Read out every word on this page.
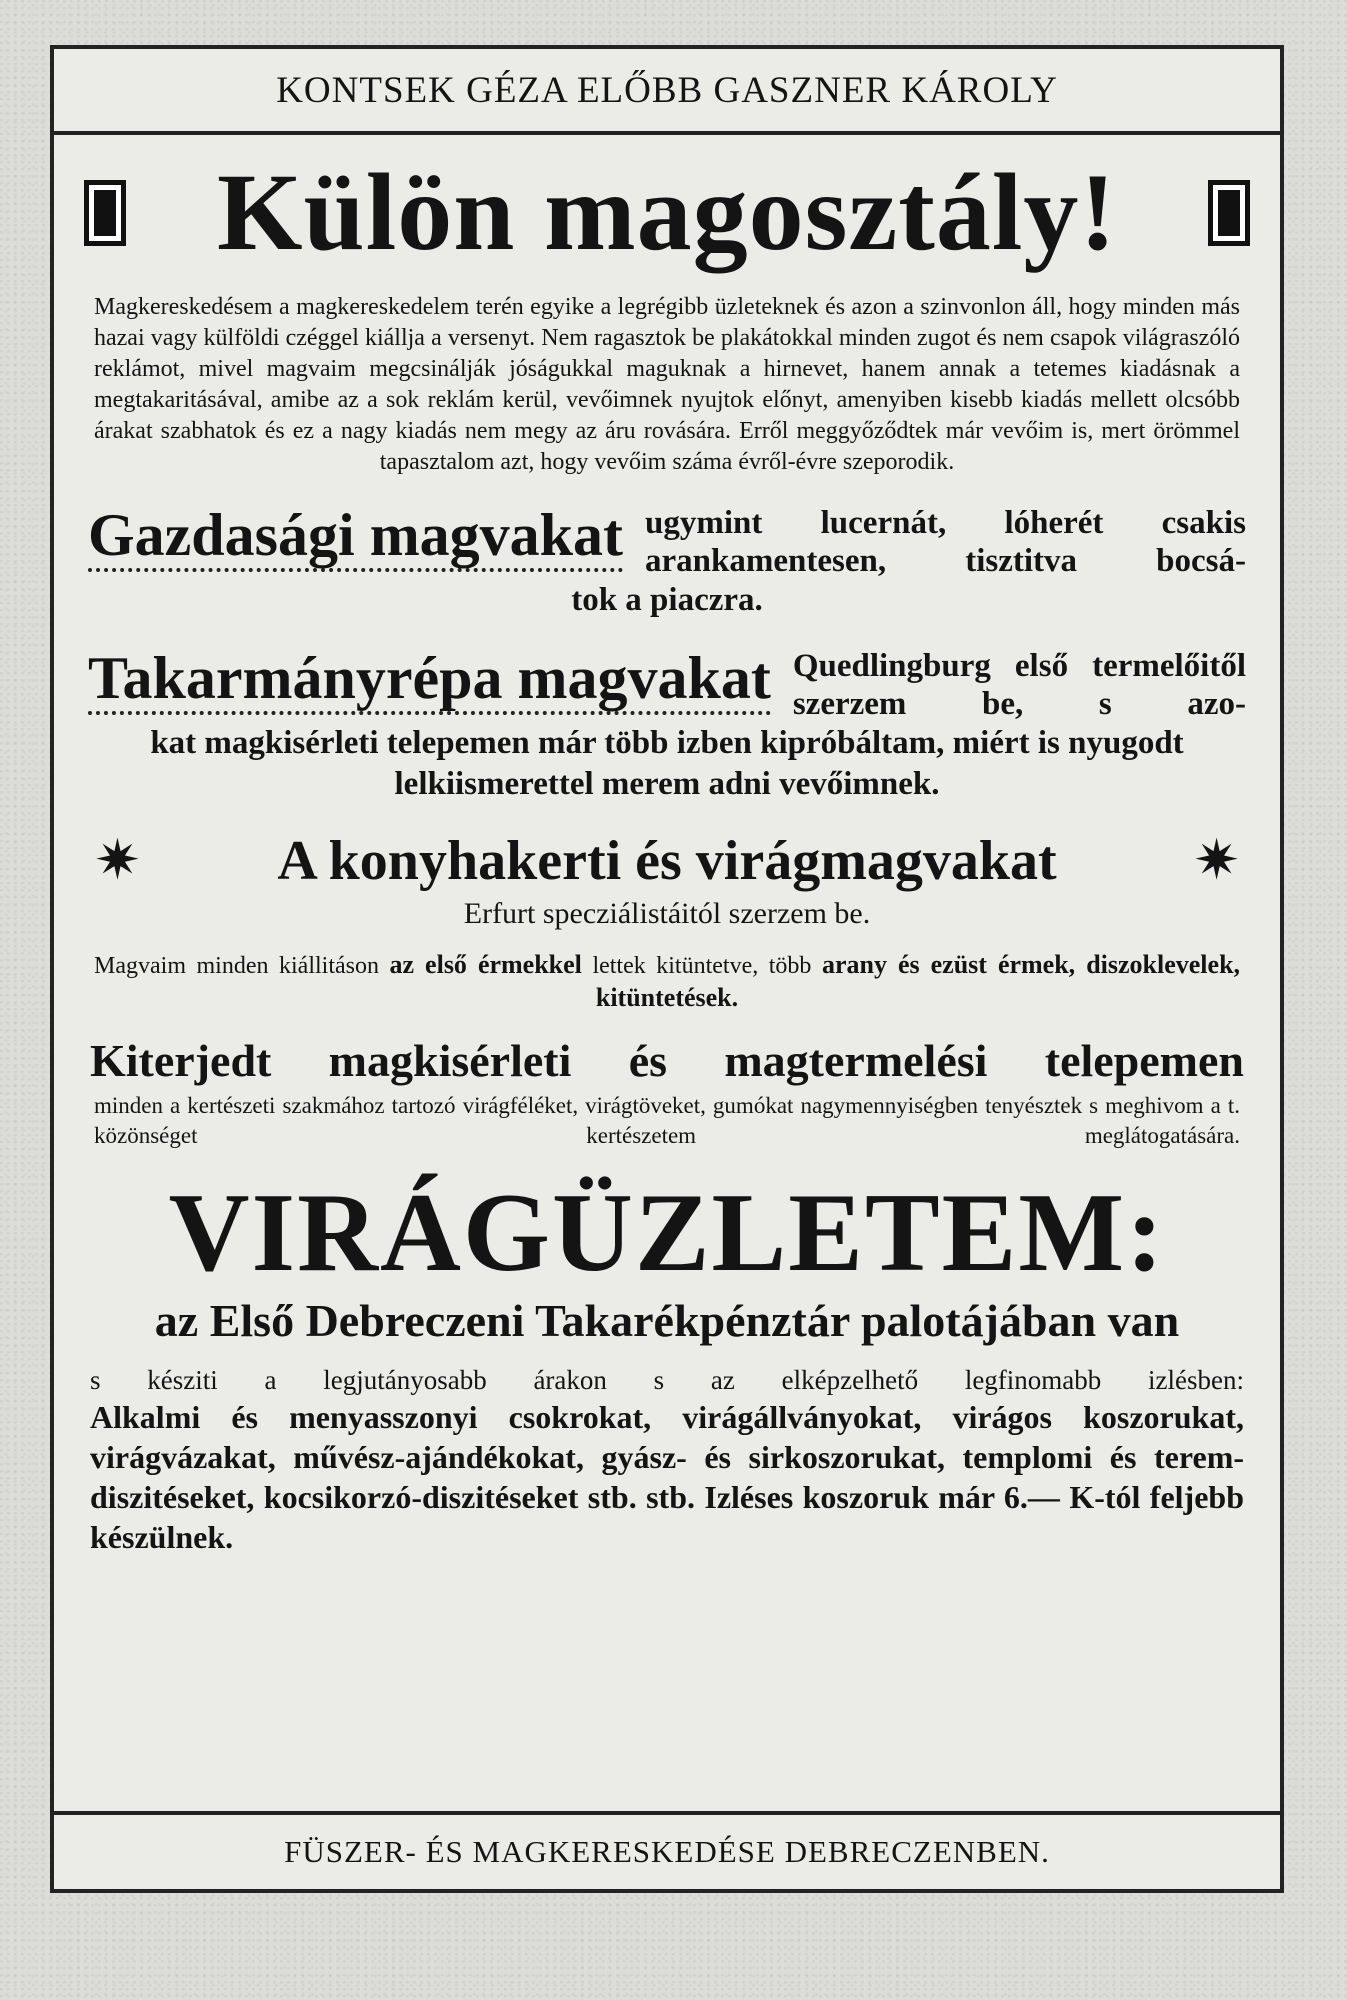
KONTSEK GÉZA ELŐBB GASZNER KÁROLY
Külön magosztály!
Magkereskedésem a magkereskedelem terén egyike a legrégibb üzleteknek és azon a szinvonlon áll, hogy minden más hazai vagy külföldi czéggel kiállja a versenyt. Nem ragasztok be plakátokkal minden zugot és nem csapok világraszóló reklámot, mivel magvaim megcsinálják jóságukkal maguknak a hirnevet, hanem annak a tetemes kiadásnak a megtakaritásával, amibe az a sok reklám kerül, vevőimnek nyujtok előnyt, amenyiben kisebb kiadás mellett olcsóbb árakat szabhatok és ez a nagy kiadás nem megy az áru rovására. Erről meggyőződtek már vevőim is, mert örömmel tapasztalom azt, hogy vevőim száma évről-évre szeporodik.
Gazdasági magvakat ugymint lucernát, lóherét csakis arankamentesen, tisztitva bocsá-
tok a piaczra.
Takarmányrépa magvakat Quedlingburg első termelőitől szerzem be, s azo-
kat magkisérleti telepemen már több izben kipróbáltam, miért is nyugodt lelkiismerettel merem adni vevőimnek.
✷ A konyhakerti és virágmagvakat ✷
Erfurt specziálistáitól szerzem be.
Magvaim minden kiállitáson az első érmekkel lettek kitüntetve, több arany és ezüst érmek, diszoklevelek, kitüntetések.
Kiterjedt magkisérleti és magtermelési telepemen
minden a kertészeti szakmához tartozó virágféléket, virágtöveket, gumókat nagymennyiségben tenyésztek s meghivom a t. közönséget kertészetem meglátogatására.
VIRÁGÜZLETEM:
az Első Debreczeni Takarékpénztár palotájában van
s késziti a legjutányosabb árakon s az elképzelhető legfinomabb izlésben:
Alkalmi és menyasszonyi csokrokat, virágállványokat, virágos koszorukat, virágvázakat, művész-ajándékokat, gyász- és sirkoszorukat, templomi és terem-diszitéseket, kocsikorzó-diszitéseket stb. stb. Izléses koszoruk már 6.— K-tól feljebb készülnek.
FÜSZER- ÉS MAGKERESKEDÉSE DEBRECZENBEN.
